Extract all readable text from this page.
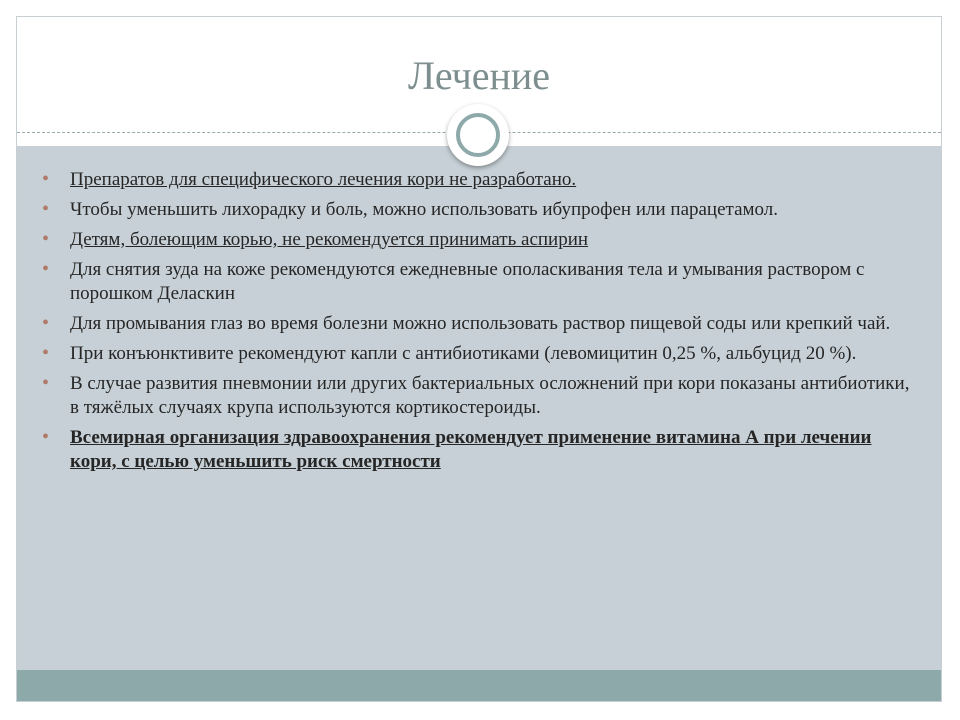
Лечение
• Препаратов для специфического лечения кори не разработано.
• Чтобы уменьшить лихорадку и боль, можно использовать ибупрофен или парацетамол.
• Детям, болеющим корью, не рекомендуется принимать аспирин
• Для снятия зуда на коже рекомендуются ежедневные ополаскивания тела и умывания раствором с порошком Деласкин
• Для промывания глаз во время болезни можно использовать раствор пищевой соды или крепкий чай.
• При конъюнктивите рекомендуют капли с антибиотиками (левомицитин 0,25 %, альбуцид 20 %).
• В случае развития пневмонии или других бактериальных осложнений при кори показаны антибиотики, в тяжёлых случаях крупа используются кортикостероиды.
• Всемирная организация здравоохранения рекомендует применение витамина А при лечении кори, с целью уменьшить риск смертности
